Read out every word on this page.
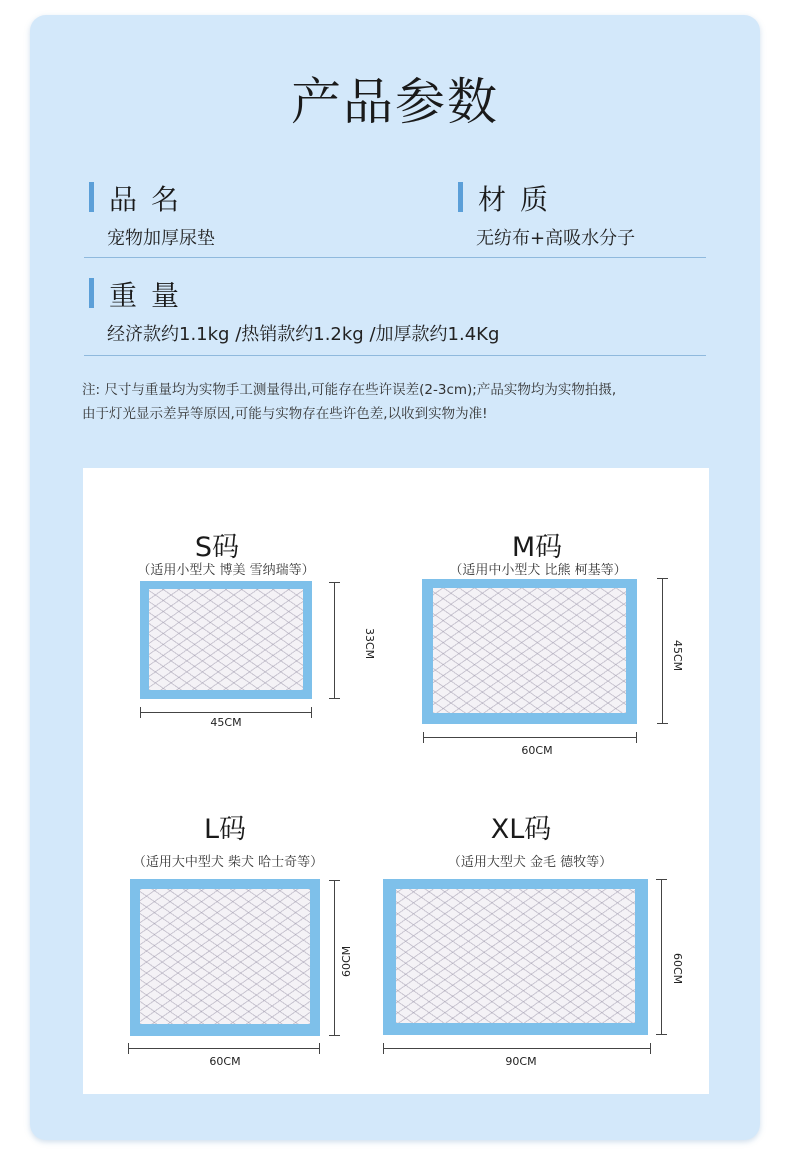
产品参数
品名
宠物加厚尿垫
材质
无纺布+高吸水分子
重量
经济款约1.1kg /热销款约1.2kg /加厚款约1.4Kg
注: 尺寸与重量均为实物手工测量得出,可能存在些许误差(2-3cm);产品实物均为实物拍摄,
由于灯光显示差异等原因,可能与实物存在些许色差,以收到实物为准!
S码
（适用小型犬 博美 雪纳瑞等）
45CM
33CM
M码
（适用中小型犬 比熊 柯基等）
60CM
45CM
L码
（适用大中型犬 柴犬 哈士奇等）
60CM
60CM
XL码
（适用大型犬 金毛 德牧等）
90CM
60CM
